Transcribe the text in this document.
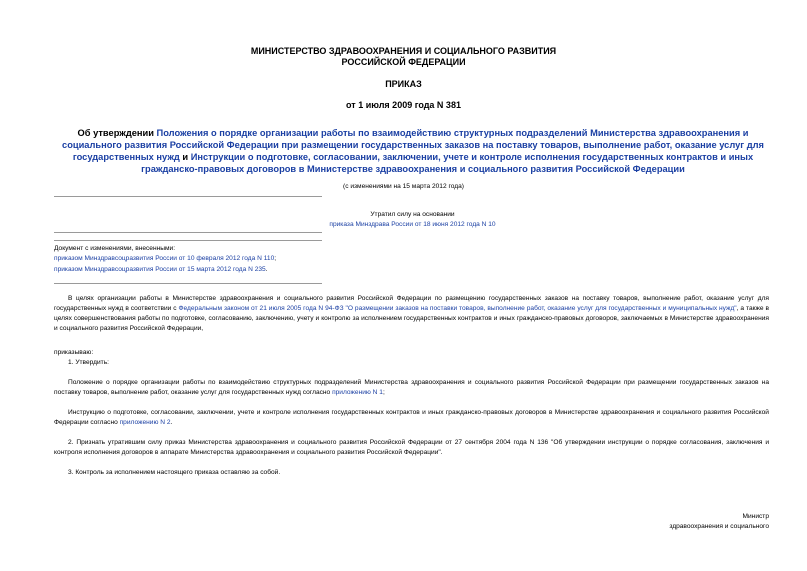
МИНИСТЕРСТВО ЗДРАВООХРАНЕНИЯ И СОЦИАЛЬНОГО РАЗВИТИЯ
РОССИЙСКОЙ ФЕДЕРАЦИИ
ПРИКАЗ
от 1 июля 2009 года N 381
Об утверждении Положения о порядке организации работы по взаимодействию структурных подразделений Министерства здравоохранения и социального развития Российской Федерации при размещении государственных заказов на поставку товаров, выполнение работ, оказание услуг для государственных нужд и Инструкции о подготовке, согласовании, заключении, учете и контроле исполнения государственных контрактов и иных гражданско-правовых договоров в Министерстве здравоохранения и социального развития Российской Федерации
(с изменениями на 15 марта 2012 года)
Утратил силу на основании
приказа Минздрава России от 18 июня 2012 года N 10
Документ с изменениями, внесенными:
приказом Минздравсоцразвития России от 10 февраля 2012 года N 110;
приказом Минздравсоцразвития России от 15 марта 2012 года N 235.
В целях организации работы в Министерстве здравоохранения и социального развития Российской Федерации по размещению государственных заказов на поставку товаров, выполнение работ, оказание услуг для государственных нужд в соответствии с Федеральным законом от 21 июля 2005 года N 94-ФЗ "О размещении заказов на поставки товаров, выполнение работ, оказание услуг для государственных и муниципальных нужд", а также в целях совершенствования работы по подготовке, согласованию, заключению, учету и контролю за исполнением государственных контрактов и иных гражданско-правовых договоров, заключаемых в Министерстве здравоохранения и социального развития Российской Федерации,
приказываю:
1. Утвердить:
Положение о порядке организации работы по взаимодействию структурных подразделений Министерства здравоохранения и социального развития Российской Федерации при размещении государственных заказов на поставку товаров, выполнение работ, оказание услуг для государственных нужд согласно приложению N 1;
Инструкцию о подготовке, согласовании, заключении, учете и контроле исполнения государственных контрактов и иных гражданско-правовых договоров в Министерстве здравоохранения и социального развития Российской Федерации согласно приложению N 2.
2. Признать утратившим силу приказ Министерства здравоохранения и социального развития Российской Федерации от 27 сентября 2004 года N 136 "Об утверждении инструкции о порядке согласования, заключения и контроля исполнения договоров в аппарате Министерства здравоохранения и социального развития Российской Федерации".
3. Контроль за исполнением настоящего приказа оставляю за собой.
Министр
здравоохранения и социального
